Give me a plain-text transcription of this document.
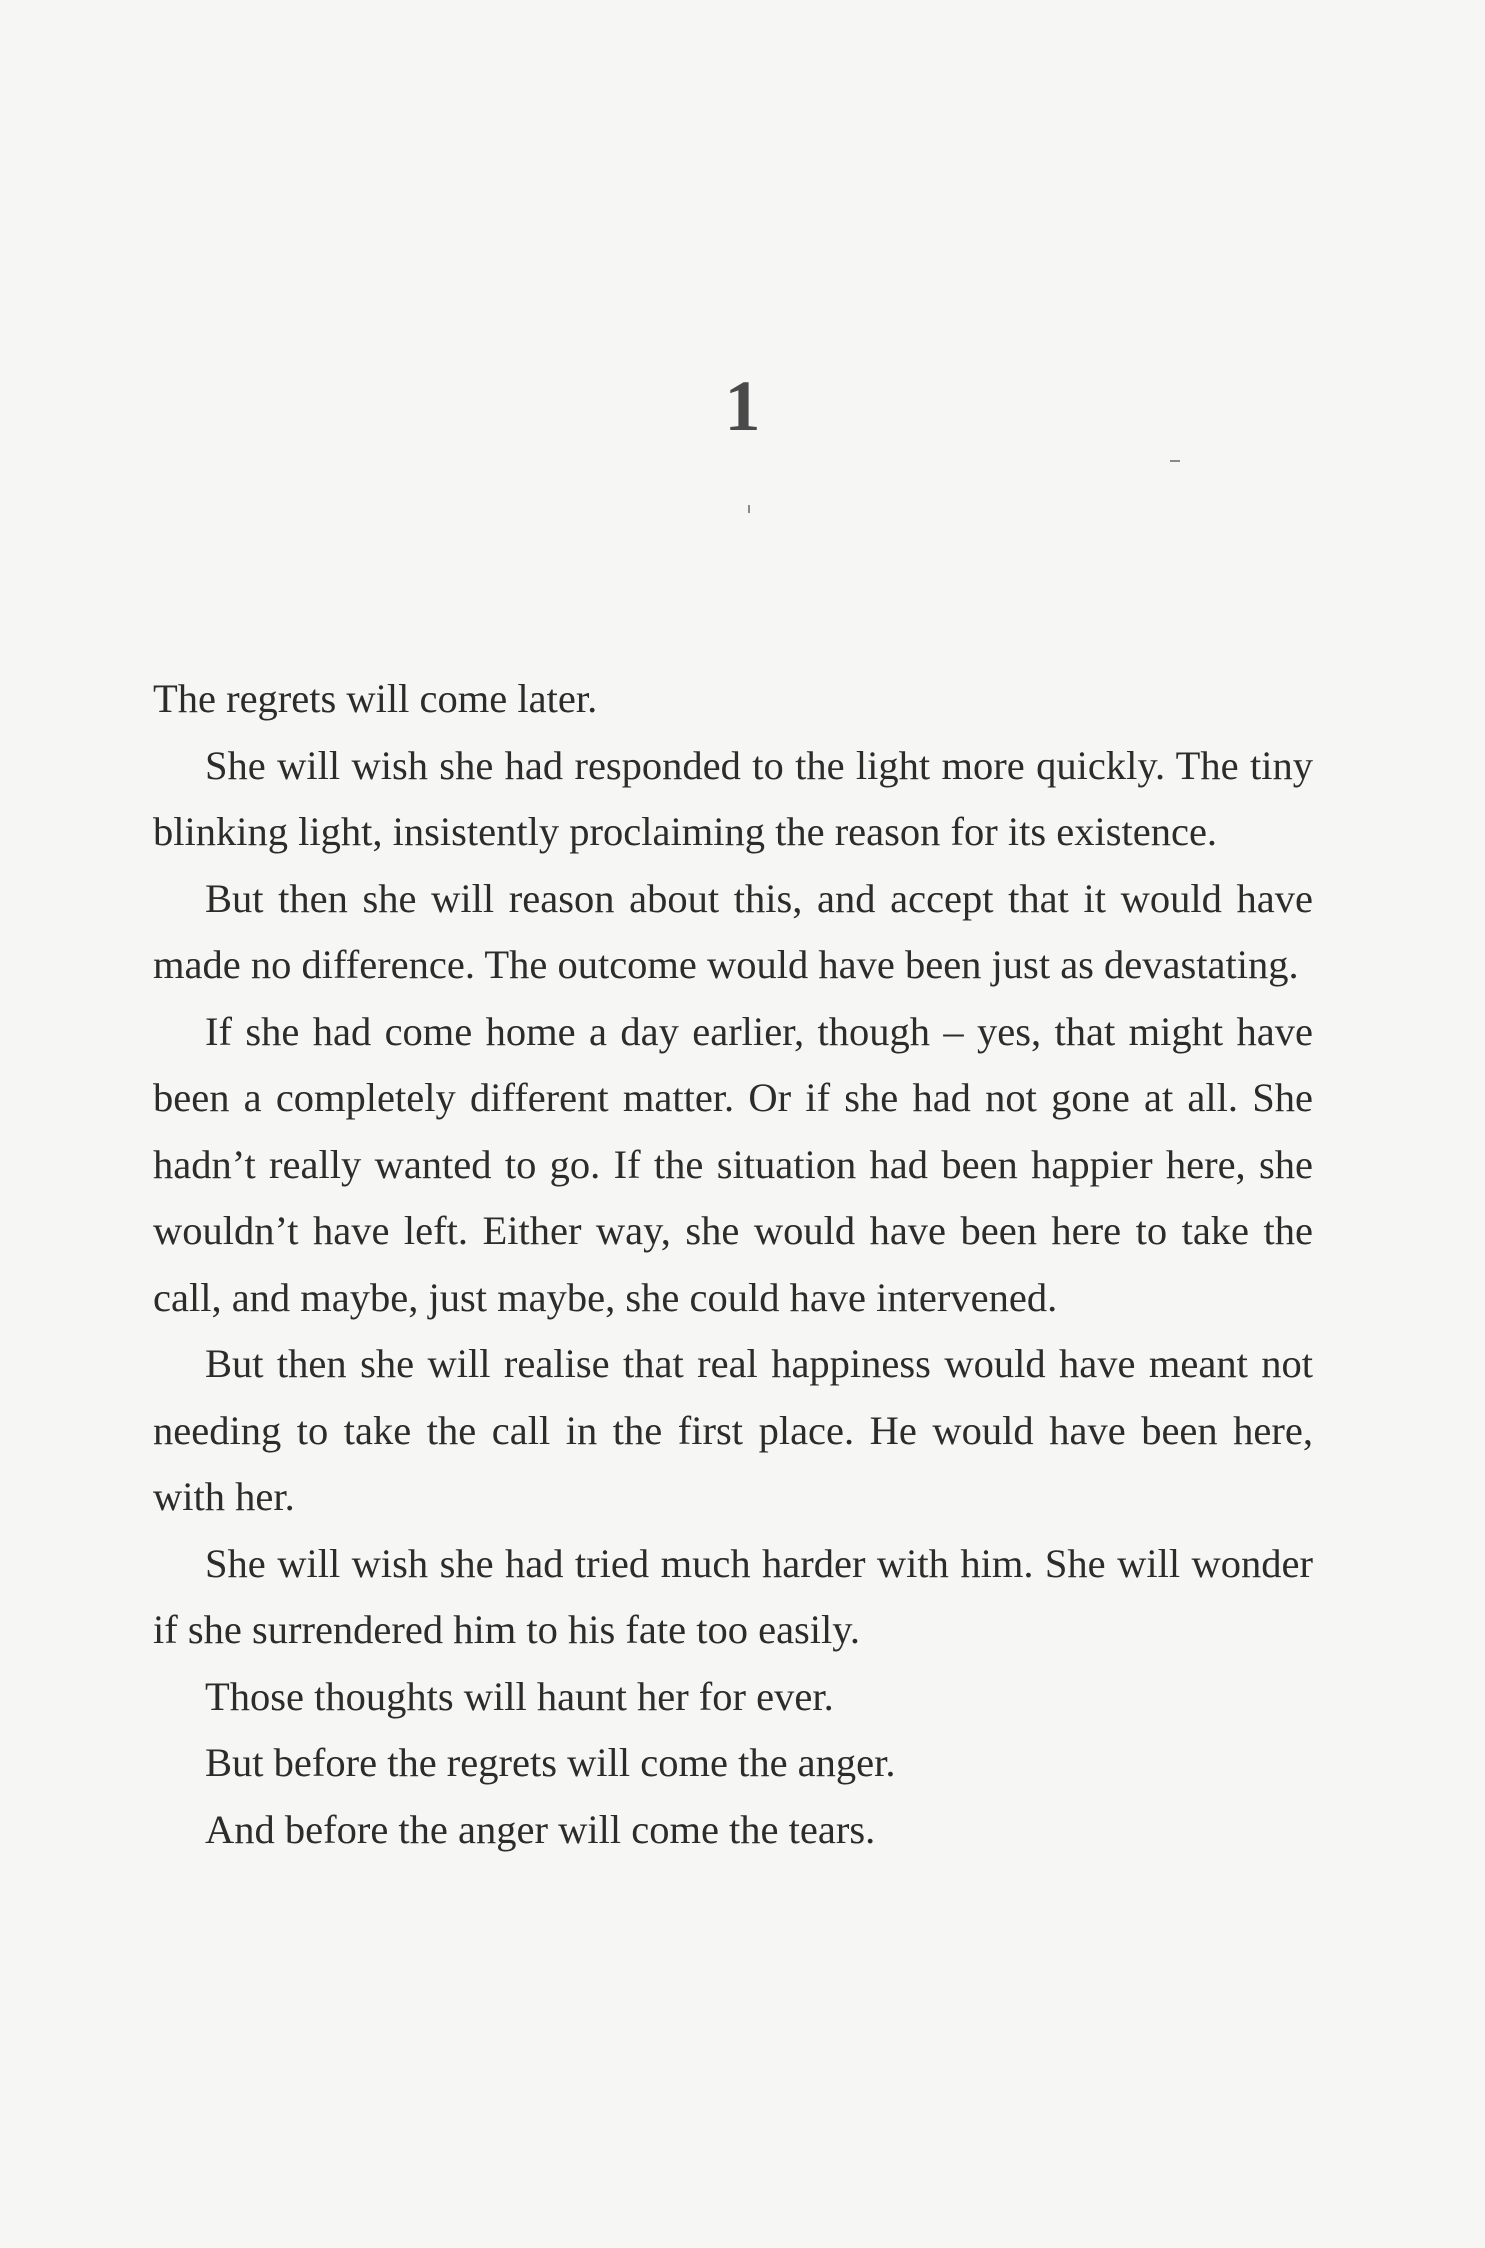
1

The regrets will come later.

She will wish she had responded to the light more quickly. The tiny blinking light, insistently proclaiming the reason for its existence.

But then she will reason about this, and accept that it would have made no difference. The outcome would have been just as devastating.

If she had come home a day earlier, though – yes, that might have been a completely different matter. Or if she had not gone at all. She hadn’t really wanted to go. If the situation had been happier here, she wouldn’t have left. Either way, she would have been here to take the call, and maybe, just maybe, she could have intervened.

But then she will realise that real happiness would have meant not needing to take the call in the first place. He would have been here, with her.

She will wish she had tried much harder with him. She will wonder if she surrendered him to his fate too easily.

Those thoughts will haunt her for ever.

But before the regrets will come the anger.

And before the anger will come the tears.
